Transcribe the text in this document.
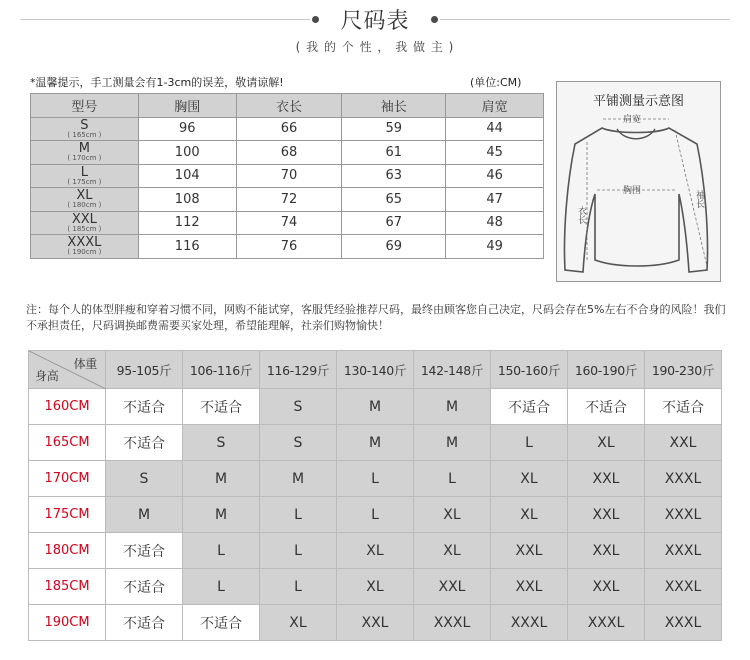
尺码表
( 我 的 个 性 ， 我 做 主 )
*温馨提示，手工测量会有1-3cm的误差，敬请谅解!	(单位:CM)
型号	胸围	衣长	袖长	肩宽

S
( 165cm )	96	66	59	44

M
( 170cm )	100	68	61	45

L
( 175cm )	104	70	63	46

XL
( 180cm )	108	72	65	47

XXL
( 185cm )	112	74	67	48

XXXL
( 190cm )	116	76	69	49
平铺测量示意图
肩宽
胸围	袖长
衣长
注：每个人的体型胖瘦和穿着习惯不同，网购不能试穿，客服凭经验推荐尺码，最终由顾客您自己决定，尺码会存在5%左右不合身的风险！我们不承担责任，尺码调换邮费需要买家处理，希望能理解，社亲们购物愉快！
体重
身高	95-105斤	106-116斤	116-129斤	130-140斤	142-148斤	150-160斤	160-190斤	190-230斤
160CM	不适合	不适合	S	M	M	不适合	不适合	不适合
165CM	不适合	S	S	M	M	L	XL	XXL
170CM	S	M	M	L	L	XL	XXL	XXXL
175CM	M	M	L	L	XL	XL	XXL	XXXL
180CM	不适合	L	L	XL	XL	XXL	XXL	XXXL
185CM	不适合	L	L	XL	XXL	XXL	XXL	XXXL
190CM	不适合	不适合	XL	XXL	XXXL	XXXL	XXXL	XXXL
